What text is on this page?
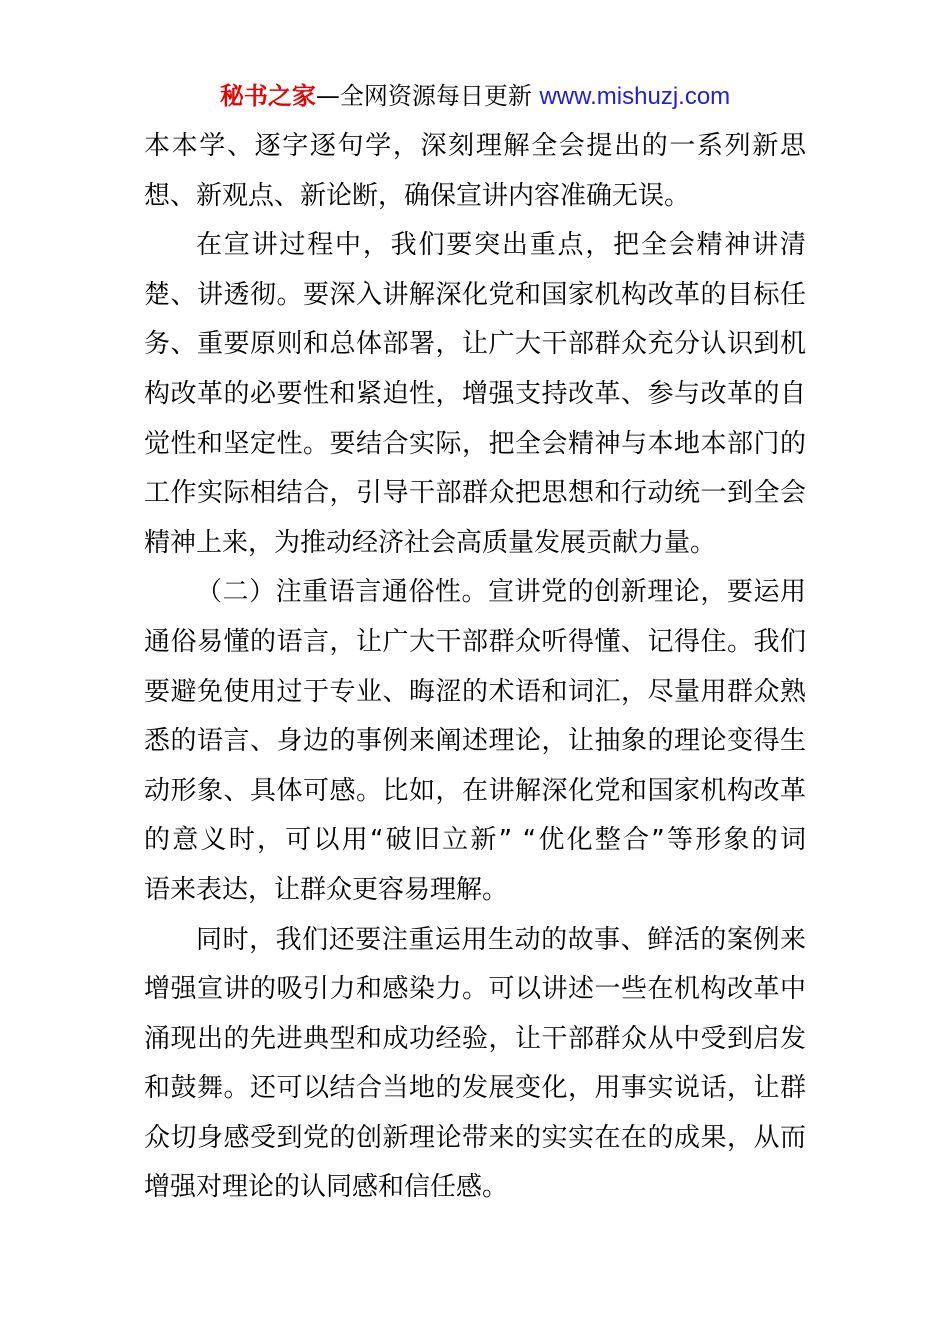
秘书之家—全网资源每日更新 www.mishuzj.com
本本学、逐字逐句学，深刻理解全会提出的一系列新思
想、新观点、新论断，确保宣讲内容准确无误。
在宣讲过程中，我们要突出重点，把全会精神讲清
楚、讲透彻。要深入讲解深化党和国家机构改革的目标任
务、重要原则和总体部署，让广大干部群众充分认识到机
构改革的必要性和紧迫性，增强支持改革、参与改革的自
觉性和坚定性。要结合实际，把全会精神与本地本部门的
工作实际相结合，引导干部群众把思想和行动统一到全会
精神上来，为推动经济社会高质量发展贡献力量。
（二）注重语言通俗性。宣讲党的创新理论，要运用
通俗易懂的语言，让广大干部群众听得懂、记得住。我们
要避免使用过于专业、晦涩的术语和词汇，尽量用群众熟
悉的语言、身边的事例来阐述理论，让抽象的理论变得生
动形象、具体可感。比如，在讲解深化党和国家机构改革
的意义时，可以用“破旧立新” “优化整合”等形象的词
语来表达，让群众更容易理解。
同时，我们还要注重运用生动的故事、鲜活的案例来
增强宣讲的吸引力和感染力。可以讲述一些在机构改革中
涌现出的先进典型和成功经验，让干部群众从中受到启发
和鼓舞。还可以结合当地的发展变化，用事实说话，让群
众切身感受到党的创新理论带来的实实在在的成果，从而
增强对理论的认同感和信任感。
